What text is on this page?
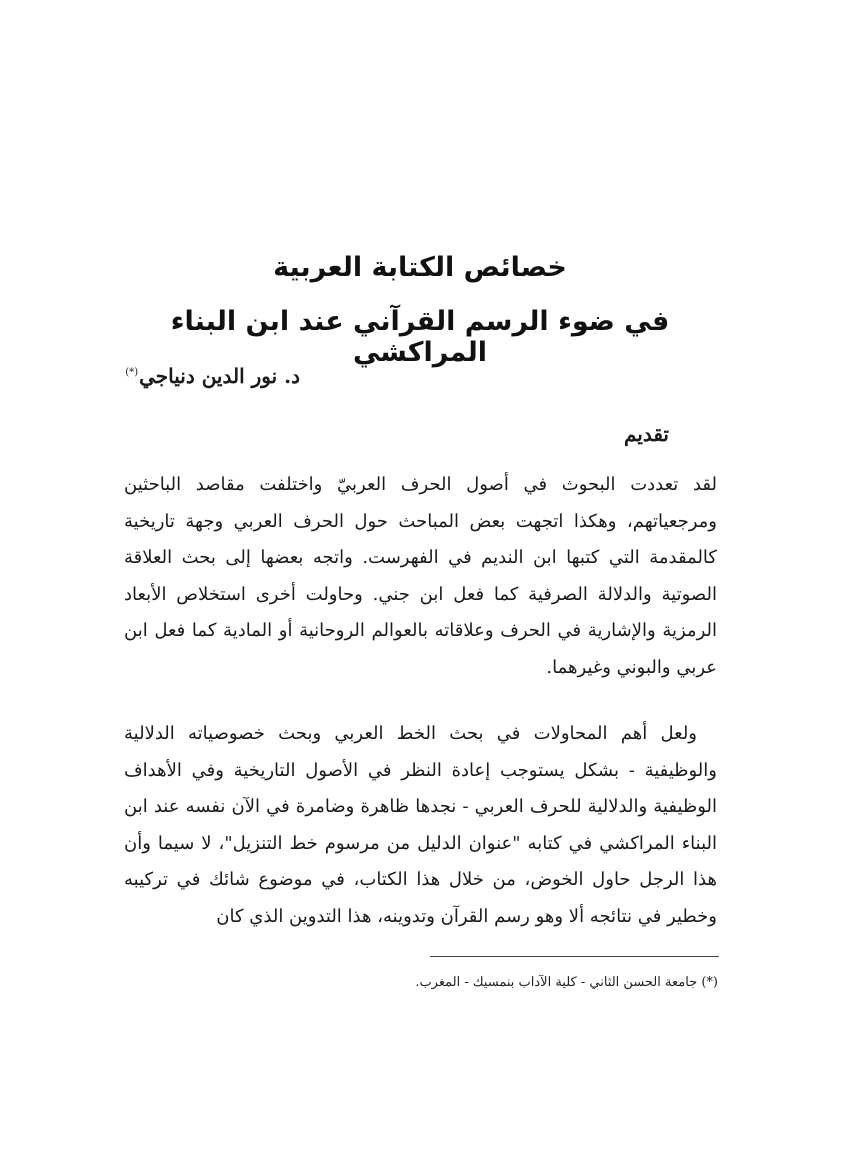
خصائص الكتابة العربية
في ضوء الرسم القرآني عند ابن البناء المراكشي
د. نور الدين دنياجي(*)
تقديم

لقد تعددت البحوث في أصول الحرف العربيّ واختلفت مقاصد الباحثين ومرجعياتهم، وهكذا اتجهت بعض المباحث حول الحرف العربي وجهة تاريخية كالمقدمة التي كتبها ابن النديم في الفهرست. واتجه بعضها إلى بحث العلاقة الصوتية والدلالة الصرفية كما فعل ابن جني. وحاولت أخرى استخلاص الأبعاد الرمزية والإشارية في الحرف وعلاقاته بالعوالم الروحانية أو المادية كما فعل ابن عربي والبوني وغيرهما.

ولعل أهم المحاولات في بحث الخط العربي وبحث خصوصياته الدلالية والوظيفية - بشكل يستوجب إعادة النظر في الأصول التاريخية وفي الأهداف الوظيفية والدلالية للحرف العربي - نجدها ظاهرة وضامرة في الآن نفسه عند ابن البناء المراكشي في كتابه "عنوان الدليل من مرسوم خط التنزيل"، لا سيما وأن هذا الرجل حاول الخوض، من خلال هذا الكتاب، في موضوع شائك في تركيبه وخطير في نتائجه ألا وهو رسم القرآن وتدوينه، هذا التدوين الذي كان

(*) جامعة الحسن الثاني - كلية الآداب بنمسيك - المغرب.
